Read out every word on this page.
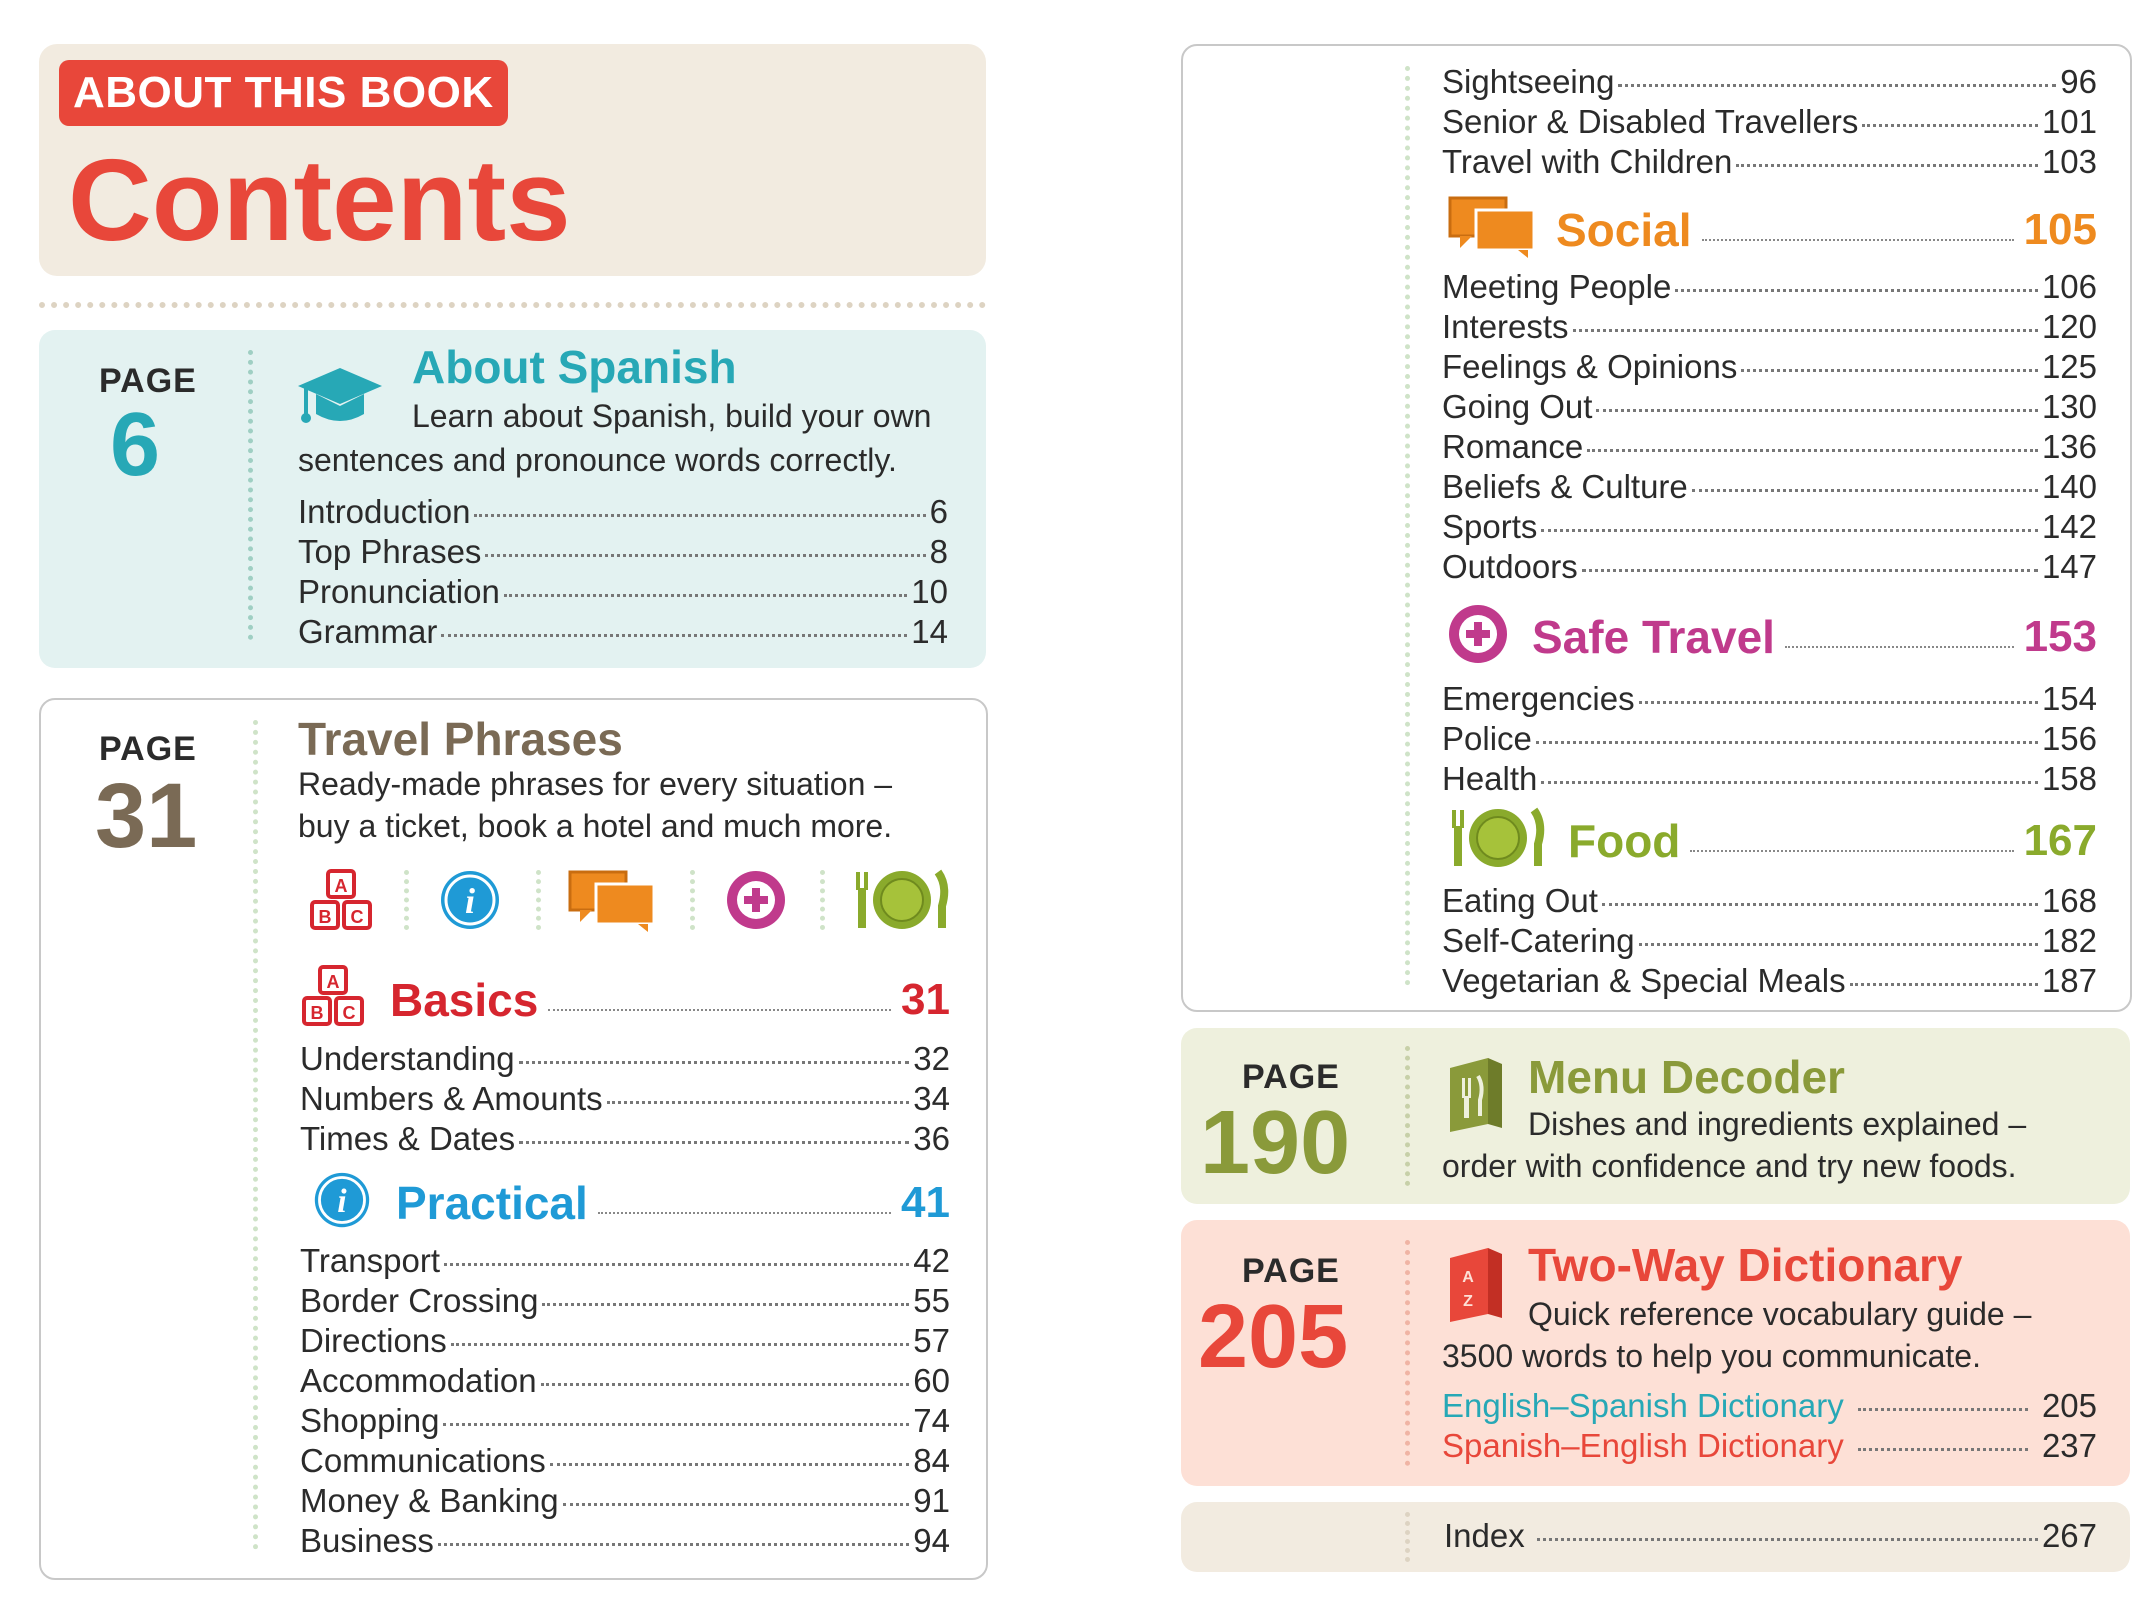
ABOUT THIS BOOK
Contents
PAGE
6
About Spanish
Learn about Spanish, build your own
sentences and pronounce words correctly.
Introduction	6
Top Phrases	8
Pronunciation	10
Grammar	14
PAGE
31
Travel Phrases
Ready-made phrases for every situation –
buy a ticket, book a hotel and much more.
A
B C	i
A
B C Basics	31
Understanding	32
Numbers & Amounts	34
Times & Dates	36
i Practical	41
Transport	42
Border Crossing	55
Directions	57
Accommodation	60
Shopping	74
Communications	84
Money & Banking	91
Business	94
Sightseeing	96
Senior & Disabled Travellers	101
Travel with Children	103
Social	105
Meeting People	106
Interests	120
Feelings & Opinions	125
Going Out	130
Romance	136
Beliefs & Culture	140
Sports	142
Outdoors	147
Safe Travel	153
Emergencies	154
Police	156
Health	158
Food	167
Eating Out	168
Self-Catering	182
Vegetarian & Special Meals	187
PAGE
190
Menu Decoder
Dishes and ingredients explained –
order with confidence and try new foods.
PAGE
205
A
Z
Two-Way Dictionary
Quick reference vocabulary guide –
3500 words to help you communicate.
English–Spanish Dictionary	205
Spanish–English Dictionary	237
Index	267
